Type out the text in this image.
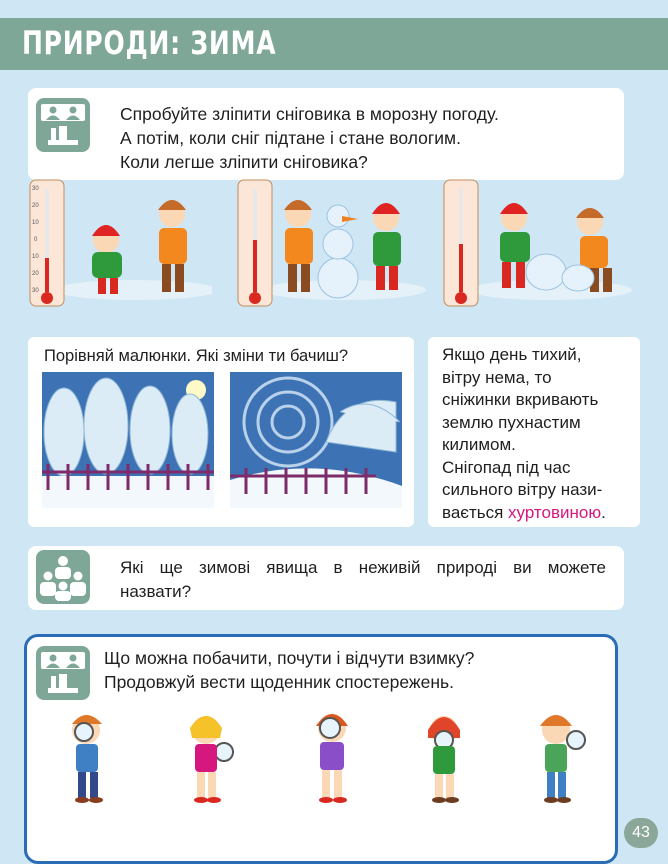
ПРИРОДИ: ЗИМА
Спробуйте зліпити сніговика в морозну погоду.
А потім, коли сніг підтане і стане вологим.
Коли легше зліпити сніговика?
30
20
10
0
10
20
30
Порівняй малюнки. Які зміни ти бачиш?	Якщо день тихий,
вітру нема, то
сніжинки вкривають
землю пухнастим
килимом.
Снігопад під час
сильного вітру нази-
вається хуртовиною.
Які ще зимові явища в неживій природі ви можете
назвати?
Що можна побачити, почути і відчути взимку?
Продовжуй вести щоденник спостережень.
43
